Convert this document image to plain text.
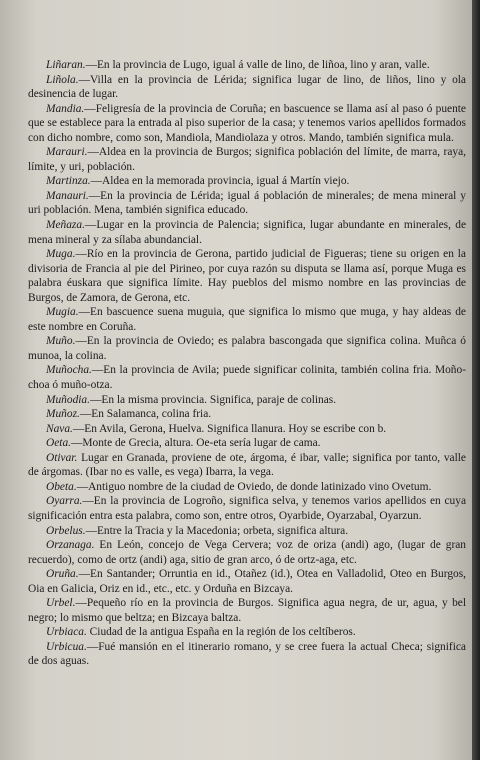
Liñaran.—En la provincia de Lugo, igual á valle de lino, de liñoa, lino y aran, valle.

Liñola.—Villa en la provincia de Lérida; significa lugar de lino, de liños, lino y ola desinencia de lugar.

Mandia.—Feligresía de la provincia de Coruña; en bascuence se llama así al paso ó puente que se establece para la entrada al piso superior de la casa; y tenemos varios apellidos formados con dicho nombre, como son, Mandiola, Mandiolaza y otros. Mando, también significa mula.

Marauri.—Aldea en la provincia de Burgos; significa población del límite, de marra, raya, límite, y uri, población.

Martinza.—Aldea en la memorada provincia, igual á Martín viejo.

Manauri.—En la provincia de Lérida; igual á población de minerales; de mena mineral y uri población. Mena, también significa educado.

Meñaza.—Lugar en la provincia de Palencia; significa, lugar abundante en minerales, de mena mineral y za sílaba abundancial.

Muga.—Río en la provincia de Gerona, partido judicial de Figueras; tiene su origen en la divisoria de Francia al pie del Pirineo, por cuya razón su disputa se llama así, porque Muga es palabra éuskara que significa límite. Hay pueblos del mismo nombre en las provincias de Burgos, de Zamora, de Gerona, etc.

Mugia.—En bascuence suena muguia, que significa lo mismo que muga, y hay aldeas de este nombre en Coruña.

Muño.—En la provincia de Oviedo; es palabra bascongada que significa colina. Muñca ó munoa, la colina.

Muñocha.—En la provincia de Avila; puede significar colinita, también colina fria. Moño-choa ó muño-otza.

Muñodia.—En la misma provincia. Significa, paraje de colinas.

Muñoz.—En Salamanca, colina fria.

Nava.—En Avila, Gerona, Huelva. Significa llanura. Hoy se escribe con b.

Oeta.—Monte de Grecia, altura. Oe-eta sería lugar de cama.

Otivar. Lugar en Granada, proviene de ote, árgoma, é ibar, valle; significa por tanto, valle de árgomas. (Ibar no es valle, es vega) Ibarra, la vega.

Obeta.—Antiguo nombre de la ciudad de Oviedo, de donde latinizado vino Ovetum.

Oyarra.—En la provincia de Logroño, significa selva, y tenemos varios apellidos en cuya significación entra esta palabra, como son, entre otros, Oyarbide, Oyarzabal, Oyarzun.

Orbelus.—Entre la Tracia y la Macedonia; orbeta, significa altura.

Orzanaga. En León, concejo de Vega Cervera; voz de oriza (andi) ago, (lugar de gran recuerdo), como de ortz (andi) aga, sitio de gran arco, ó de ortz-aga, etc.

Oruña.—En Santander; Orruntia en id., Otañez (id.), Otea en Valladolid, Oteo en Burgos, Oia en Galicia, Oriz en id., etc., etc. y Orduña en Bizcaya.

Urbel.—Pequeño río en la provincia de Burgos. Significa agua negra, de ur, agua, y bel negro; lo mismo que beltza; en Bizcaya baltza.

Urbiaca. Ciudad de la antigua España en la región de los celtíberos.

Urbicua.—Fué mansión en el itinerario romano, y se cree fuera la actual Checa; significa de dos aguas.
